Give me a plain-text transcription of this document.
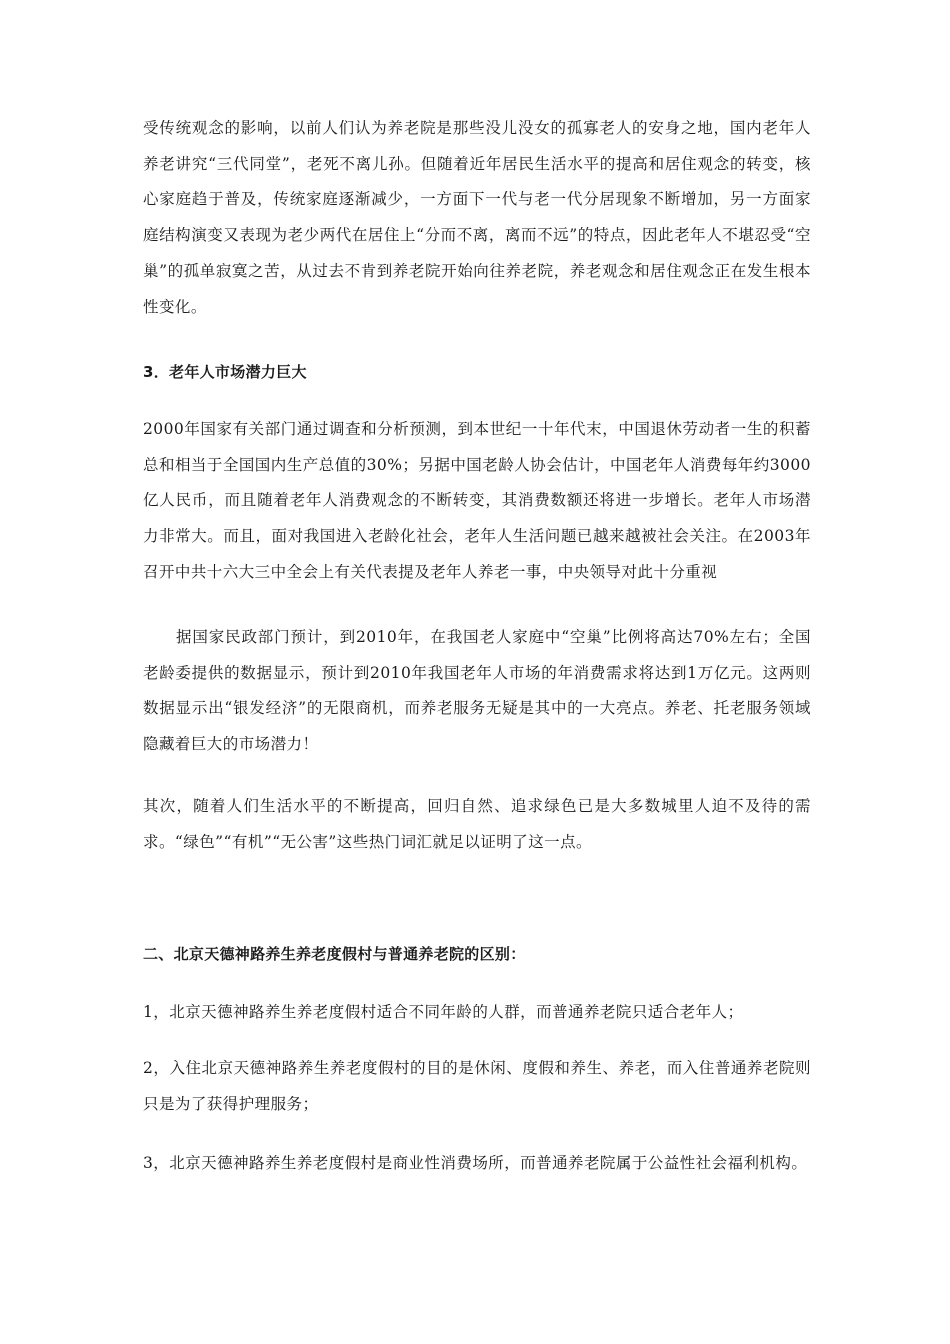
受传统观念的影响，以前人们认为养老院是那些没儿没女的孤寡老人的安身之地，国内老年人养老讲究“三代同堂”，老死不离儿孙。但随着近年居民生活水平的提高和居住观念的转变，核心家庭趋于普及，传统家庭逐渐减少，一方面下一代与老一代分居现象不断增加，另一方面家庭结构演变又表现为老少两代在居住上“分而不离，离而不远”的特点，因此老年人不堪忍受“空巢”的孤单寂寞之苦，从过去不肯到养老院开始向往养老院，养老观念和居住观念正在发生根本性变化。

3．老年人市场潜力巨大

2000年国家有关部门通过调查和分析预测，到本世纪一十年代末，中国退休劳动者一生的积蓄总和相当于全国国内生产总值的30%；另据中国老龄人协会估计，中国老年人消费每年约3000亿人民币，而且随着老年人消费观念的不断转变，其消费数额还将进一步增长。老年人市场潜力非常大。而且，面对我国进入老龄化社会，老年人生活问题已越来越被社会关注。在2003年召开中共十六大三中全会上有关代表提及老年人养老一事，中央领导对此十分重视

据国家民政部门预计，到2010年，在我国老人家庭中“空巢”比例将高达70%左右；全国老龄委提供的数据显示，预计到2010年我国老年人市场的年消费需求将达到1万亿元。这两则数据显示出“银发经济”的无限商机，而养老服务无疑是其中的一大亮点。养老、托老服务领域隐藏着巨大的市场潜力！

其次，随着人们生活水平的不断提高，回归自然、追求绿色已是大多数城里人迫不及待的需求。“绿色”“有机”“无公害”这些热门词汇就足以证明了这一点。

二、北京天德神路养生养老度假村与普通养老院的区别：

1，北京天德神路养生养老度假村适合不同年龄的人群，而普通养老院只适合老年人；

2，入住北京天德神路养生养老度假村的目的是休闲、度假和养生、养老，而入住普通养老院则只是为了获得护理服务；

3，北京天德神路养生养老度假村是商业性消费场所，而普通养老院属于公益性社会福利机构。
